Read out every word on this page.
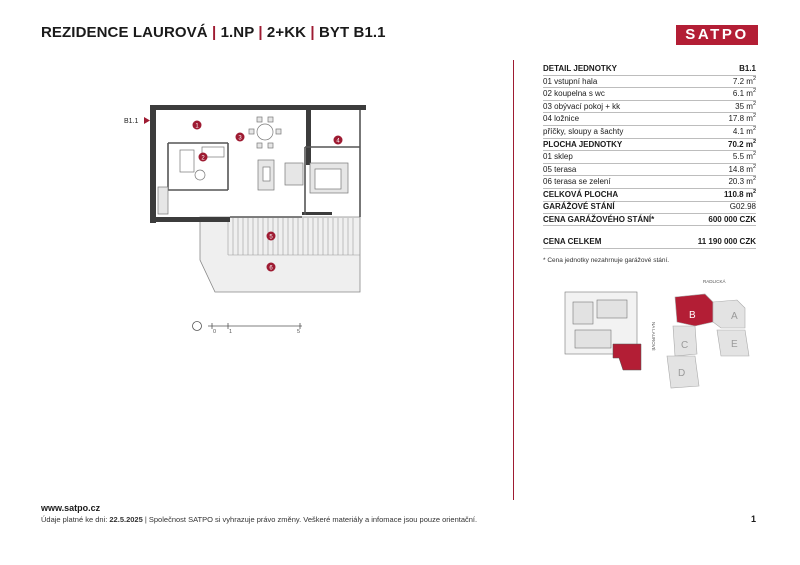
REZIDENCE LAUROVÁ | 1.NP | 2+KK | BYT B1.1	SATPO
1
2
3	4
5
6
B1.1
0 1	5
DETAIL JEDNOTKY	B1.1
01 vstupní hala	7.2 $m^2$
02 koupelna s wc	6.1 $m^2$
03 obývací pokoj + kk	35 $m^2$
04 ložnice	17.8 $m^2$
příčky, sloupy a šachty	4.1 $m^2$
PLOCHA JEDNOTKY	70.2 $m^2$
01 sklep	5.5 $m^2$
05 terasa	14.8 $m^2$
06 terasa se zelení	20.3 $m^2$
CELKOVÁ PLOCHA	110.8 $m^2$
GARÁŽOVÉ STÁNÍ	G02.98
CENA GARÁŽOVÉHO STÁNÍ*	600 000 CZK
CENA CELKEM	11 190 000 CZK
* Cena jednotky nezahrnuje garážové stání.
RADLICKÁ
NA LAUROVÉ
A
B
C
D
E
www.satpo.cz
Údaje platné ke dni: 22.5.2025 | Společnost SATPO si vyhrazuje právo změny. Veškeré materiály a infomace jsou pouze orientační.	1
